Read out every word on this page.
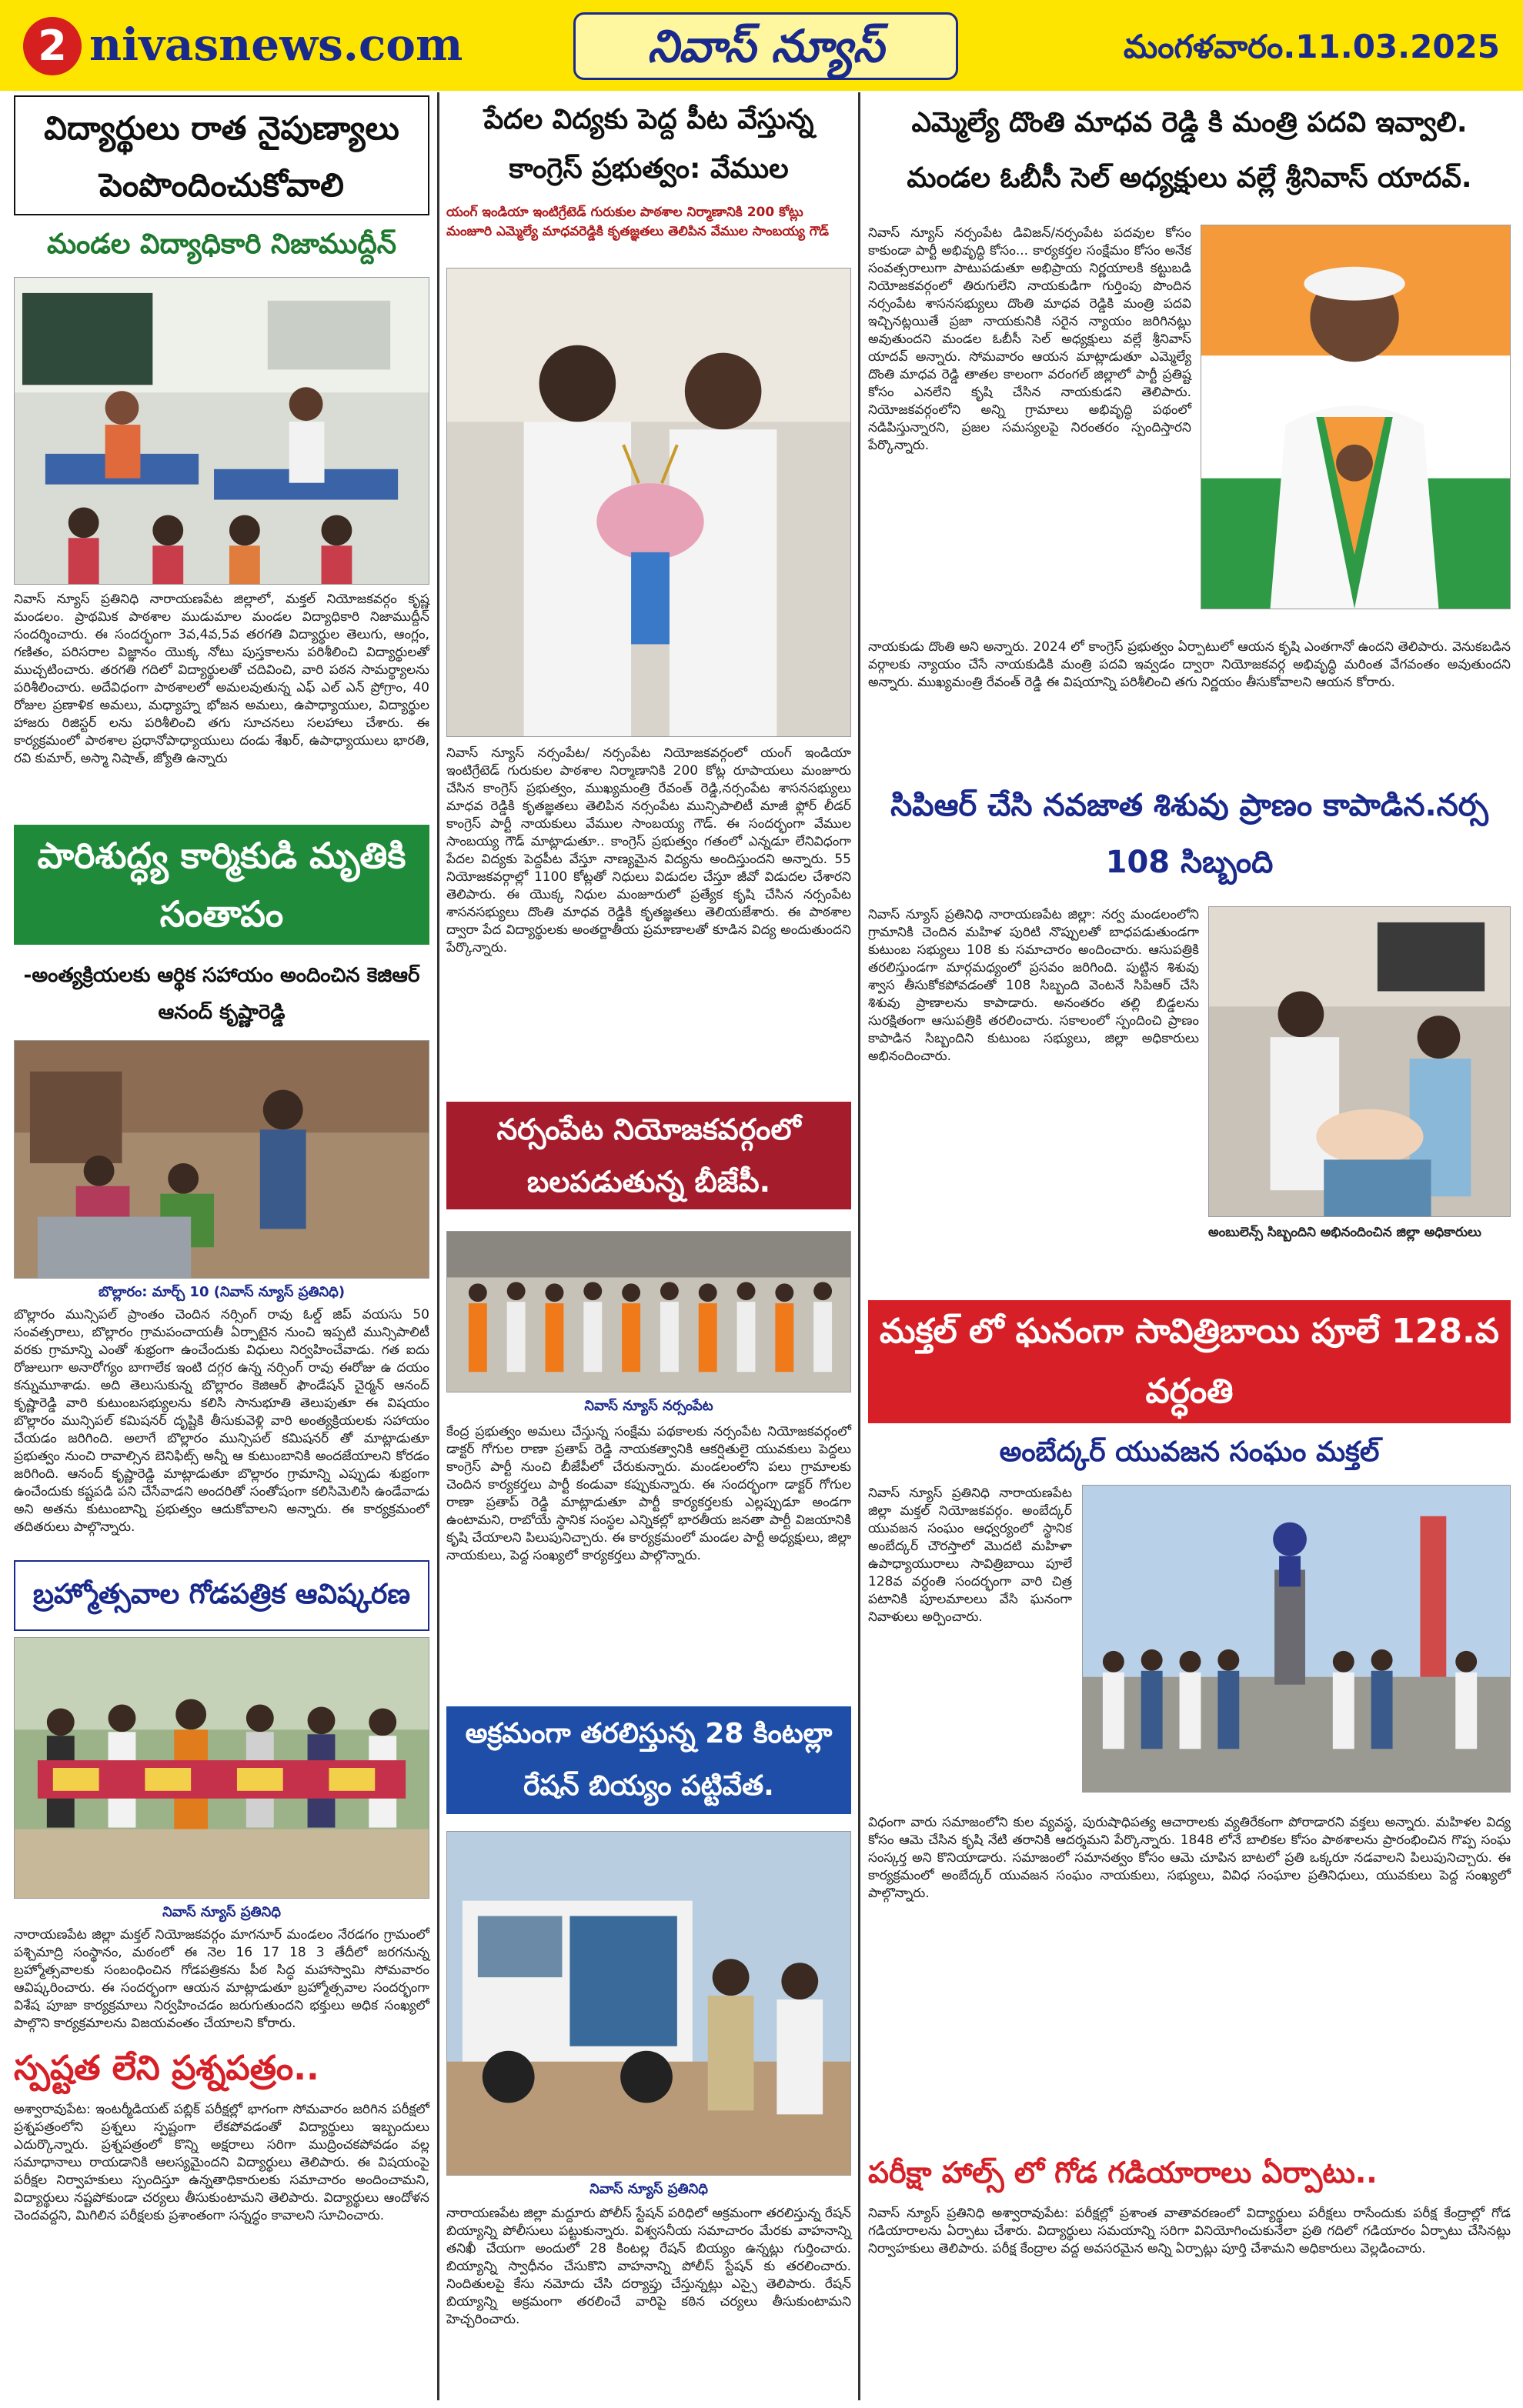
2 nivasnews.com	నివాస్ న్యూస్	మంగళవారం.11.03.2025
విద్యార్థులు రాత నైపుణ్యాలు పెంపొందించుకోవాలి
మండల విద్యాధికారి నిజాముద్దీన్
నివాస్ న్యూస్ ప్రతినిధి నారాయణపేట జిల్లాలో, మక్తల్ నియోజకవర్గం కృష్ణ మండలం. ప్రాథమిక పాఠశాల ముడుమాల మండల విద్యాధికారి నిజాముద్దీన్ సందర్శించారు. ఈ సందర్భంగా 3వ,4వ,5వ తరగతి విద్యార్థుల తెలుగు, ఆంగ్లం, గణితం, పరిసరాల విజ్ఞానం యొక్క నోటు పుస్తకాలను పరిశీలించి విద్యార్థులతో ముచ్చటించారు. తరగతి గదిలో విద్యార్థులతో చదివించి, వారి పఠన సామర్థ్యాలను పరిశీలించారు. అదేవిధంగా పాఠశాలలో అమలవుతున్న ఎఫ్ ఎల్ ఎన్ ప్రోగ్రాం, 40 రోజుల ప్రణాళిక అమలు, మధ్యాహ్న భోజన అమలు, ఉపాధ్యాయుల, విద్యార్థుల హాజరు రిజిస్టర్ లను పరిశీలించి తగు సూచనలు సలహాలు చేశారు. ఈ కార్యక్రమంలో పాఠశాల ప్రధానోపాధ్యాయులు దండు శేఖర్, ఉపాధ్యాయులు భారతి, రవి కుమార్, అస్మా నిషాత్, జ్యోతి ఉన్నారు
పారిశుద్ధ్య కార్మికుడి మృతికి సంతాపం
-అంత్యక్రియలకు ఆర్థిక సహాయం అందించిన కెజిఆర్ ఆనంద్ కృష్ణారెడ్డి
బొల్లారం: మార్చ్ 10 (నివాస్ న్యూస్ ప్రతినిధి)
బొల్లారం మున్సిపల్ ప్రాంతం చెందిన నర్సింగ్ రావు ఓల్డ్ జిప్ వయసు 50 సంవత్సరాలు, బొల్లారం గ్రామపంచాయతీ ఏర్పాటైన నుంచి ఇప్పటి మున్సిపాలిటీ వరకు గ్రామాన్ని ఎంతో శుభ్రంగా ఉంచేందుకు విధులు నిర్వహించేవాడు. గత ఐదు రోజులుగా అనారోగ్యం బాగాలేక ఇంటి దగ్గర ఉన్న నర్సింగ్ రావు ఈరోజు ఉ దయం కన్నుమూశాడు. అది తెలుసుకున్న బొల్లారం కెజిఆర్ ఫౌండేషన్ చైర్మన్ ఆనంద్ కృష్ణారెడ్డి వారి కుటుంబసభ్యులను కలిసి సానుభూతి తెలుపుతూ ఈ విషయం బొల్లారం మున్సిపల్ కమిషనర్ దృష్టికి తీసుకువెళ్లి వారి అంత్యక్రియలకు సహాయం చేయడం జరిగింది. అలాగే బొల్లారం మున్సిపల్ కమిషనర్ తో మాట్లాడుతూ ప్రభుత్వం నుంచి రావాల్సిన బెనిఫిట్స్ అన్నీ ఆ కుటుంబానికి అందజేయాలని కోరడం జరిగింది. ఆనంద్ కృష్ణారెడ్డి మాట్లాడుతూ బొల్లారం గ్రామాన్ని ఎప్పుడు శుభ్రంగా ఉంచేందుకు కష్టపడి పని చేసేవాడని అందరితో సంతోషంగా కలిసిమెలిసి ఉండేవాడు అని అతను కుటుంబాన్ని ప్రభుత్వం ఆదుకోవాలని అన్నారు. ఈ కార్యక్రమంలో తదితరులు పాల్గొన్నారు.
బ్రహ్మోత్సవాల గోడపత్రిక ఆవిష్కరణ
నివాస్ న్యూస్ ప్రతినిధి
నారాయణపేట జిల్లా మక్తల్ నియోజకవర్గం మాగనూర్ మండలం నేరడగం గ్రామంలో పశ్చిమాద్రి సంస్థానం, మఠంలో ఈ నెల 16 17 18 3 తేదీలో జరగనున్న బ్రహ్మోత్సవాలకు సంబంధించిన గోడపత్రికను పీఠ సిద్ధ మహాస్వామి సోమవారం ఆవిష్కరించారు. ఈ సందర్భంగా ఆయన మాట్లాడుతూ బ్రహ్మోత్సవాల సందర్భంగా విశేష పూజా కార్యక్రమాలు నిర్వహించడం జరుగుతుందని భక్తులు అధిక సంఖ్యలో పాల్గొని కార్యక్రమాలను విజయవంతం చేయాలని కోరారు.
స్పష్టత లేని ప్రశ్నపత్రం..
అశ్వారావుపేట: ఇంటర్మీడియట్ పబ్లిక్ పరీక్షల్లో భాగంగా సోమవారం జరిగిన పరీక్షలో ప్రశ్నపత్రంలోని ప్రశ్నలు స్పష్టంగా లేకపోవడంతో విద్యార్థులు ఇబ్బందులు ఎదుర్కొన్నారు. ప్రశ్నపత్రంలో కొన్ని అక్షరాలు సరిగా ముద్రించకపోవడం వల్ల సమాధానాలు రాయడానికి ఆలస్యమైందని విద్యార్థులు తెలిపారు. ఈ విషయంపై పరీక్షల నిర్వాహకులు స్పందిస్తూ ఉన్నతాధికారులకు సమాచారం అందించామని, విద్యార్థులు నష్టపోకుండా చర్యలు తీసుకుంటామని తెలిపారు. విద్యార్థులు ఆందోళన చెందవద్దని, మిగిలిన పరీక్షలకు ప్రశాంతంగా సన్నద్ధం కావాలని సూచించారు.
పేదల విద్యకు పెద్ద పీట వేస్తున్న కాంగ్రెస్ ప్రభుత్వం: వేముల
యంగ్ ఇండియా ఇంటిగ్రేటెడ్ గురుకుల పాఠశాల నిర్మాణానికి 200 కోట్లు మంజూరి ఎమ్మెల్యే మాధవరెడ్డికి కృతజ్ఞతలు తెలిపిన వేముల సాంబయ్య గౌడ్
నివాస్ న్యూస్ నర్సంపేట/ నర్సంపేట నియోజకవర్గంలో యంగ్ ఇండియా ఇంటిగ్రేటెడ్ గురుకుల పాఠశాల నిర్మాణానికి 200 కోట్ల రూపాయలు మంజూరు చేసిన కాంగ్రెస్ ప్రభుత్వం, ముఖ్యమంత్రి రేవంత్ రెడ్డి,నర్సంపేట శాసనసభ్యులు మాధవ రెడ్డికి కృతజ్ఞతలు తెలిపిన నర్సంపేట మున్సిపాలిటీ మాజీ ఫ్లోర్ లీడర్ కాంగ్రెస్ పార్టీ నాయకులు వేముల సాంబయ్య గౌడ్. ఈ సందర్భంగా వేముల సాంబయ్య గౌడ్ మాట్లాడుతూ.. కాంగ్రెస్ ప్రభుత్వం గతంలో ఎన్నడూ లేనివిధంగా పేదల విద్యకు పెద్దపీట వేస్తూ నాణ్యమైన విద్యను అందిస్తుందని అన్నారు. 55 నియోజకవర్గాల్లో 1100 కోట్లతో నిధులు విడుదల చేస్తూ జీవో విడుదల చేశారని తెలిపారు. ఈ యొక్క నిధుల మంజూరులో ప్రత్యేక కృషి చేసిన నర్సంపేట శాసనసభ్యులు దొంతి మాధవ రెడ్డికి కృతజ్ఞతలు తెలియజేశారు. ఈ పాఠశాల ద్వారా పేద విద్యార్థులకు అంతర్జాతీయ ప్రమాణాలతో కూడిన విద్య అందుతుందని పేర్కొన్నారు.
నర్సంపేట నియోజకవర్గంలో బలపడుతున్న బీజేపీ.
నివాస్ న్యూస్ నర్సంపేట
కేంద్ర ప్రభుత్వం అమలు చేస్తున్న సంక్షేమ పథకాలకు నర్సంపేట నియోజకవర్గంలో డాక్టర్ గోగుల రాణా ప్రతాప్ రెడ్డి నాయకత్వానికి ఆకర్షితులై యువకులు పెద్దలు కాంగ్రెస్ పార్టీ నుంచి బీజేపీలో చేరుకున్నారు. మండలంలోని పలు గ్రామాలకు చెందిన కార్యకర్తలు పార్టీ కండువా కప్పుకున్నారు. ఈ సందర్భంగా డాక్టర్ గోగుల రాణా ప్రతాప్ రెడ్డి మాట్లాడుతూ పార్టీ కార్యకర్తలకు ఎల్లప్పుడూ అండగా ఉంటామని, రాబోయే స్థానిక సంస్థల ఎన్నికల్లో భారతీయ జనతా పార్టీ విజయానికి కృషి చేయాలని పిలుపునిచ్చారు. ఈ కార్యక్రమంలో మండల పార్టీ అధ్యక్షులు, జిల్లా నాయకులు, పెద్ద సంఖ్యలో కార్యకర్తలు పాల్గొన్నారు.
అక్రమంగా తరలిస్తున్న 28 కింటల్లా రేషన్ బియ్యం పట్టివేత.
నివాస్ న్యూస్ ప్రతినిధి
నారాయణపేట జిల్లా మద్దూరు పోలీస్ స్టేషన్ పరిధిలో అక్రమంగా తరలిస్తున్న రేషన్ బియ్యాన్ని పోలీసులు పట్టుకున్నారు. విశ్వసనీయ సమాచారం మేరకు వాహనాన్ని తనిఖీ చేయగా అందులో 28 కింటల్ల రేషన్ బియ్యం ఉన్నట్లు గుర్తించారు. బియ్యాన్ని స్వాధీనం చేసుకొని వాహనాన్ని పోలీస్ స్టేషన్ కు తరలించారు. నిందితులపై కేసు నమోదు చేసి దర్యాప్తు చేస్తున్నట్లు ఎస్సై తెలిపారు. రేషన్ బియ్యాన్ని అక్రమంగా తరలించే వారిపై కఠిన చర్యలు తీసుకుంటామని హెచ్చరించారు.
ఎమ్మెల్యే దొంతి మాధవ రెడ్డి కి మంత్రి పదవి ఇవ్వాలి. మండల ఓబీసీ సెల్ అధ్యక్షులు వల్లే శ్రీనివాస్ యాదవ్.
నివాస్ న్యూస్ నర్సంపేట డివిజన్/నర్సంపేట పదవుల కోసం కాకుండా పార్టీ అభివృద్ధి కోసం... కార్యకర్తల సంక్షేమం కోసం అనేక సంవత్సరాలుగా పాటుపడుతూ అభిప్రాయ నిర్ణయాలకి కట్టుబడి నియోజకవర్గంలో తిరుగులేని నాయకుడిగా గుర్తింపు పొందిన నర్సంపేట శాసనసభ్యులు దొంతి మాధవ రెడ్డికి మంత్రి పదవి ఇచ్చినట్లయితే ప్రజా నాయకునికి సరైన న్యాయం జరిగినట్లు అవుతుందని మండల ఓబీసీ సెల్ అధ్యక్షులు వల్లే శ్రీనివాస్ యాదవ్ అన్నారు. సోమవారం ఆయన మాట్లాడుతూ ఎమ్మెల్యే దొంతి మాధవ రెడ్డి తాతల కాలంగా వరంగల్ జిల్లాలో పార్టీ ప్రతిష్ట కోసం ఎనలేని కృషి చేసిన నాయకుడని తెలిపారు. నియోజకవర్గంలోని అన్ని గ్రామాలు అభివృద్ధి పథంలో నడిపిస్తున్నారని, ప్రజల సమస్యలపై నిరంతరం స్పందిస్తారని పేర్కొన్నారు.
నాయకుడు దొంతి అని అన్నారు. 2024 లో కాంగ్రెస్ ప్రభుత్వం ఏర్పాటులో ఆయన కృషి ఎంతగానో ఉందని తెలిపారు. వెనుకబడిన వర్గాలకు న్యాయం చేసే నాయకుడికి మంత్రి పదవి ఇవ్వడం ద్వారా నియోజకవర్గ అభివృద్ధి మరింత వేగవంతం అవుతుందని అన్నారు. ముఖ్యమంత్రి రేవంత్ రెడ్డి ఈ విషయాన్ని పరిశీలించి తగు నిర్ణయం తీసుకోవాలని ఆయన కోరారు.
సిపిఆర్ చేసి నవజాత శిశువు ప్రాణం కాపాడిన.నర్స 108 సిబ్బంది
నివాస్ న్యూస్ ప్రతినిధి నారాయణపేట జిల్లా: నర్వ మండలంలోని గ్రామానికి చెందిన మహిళ పురిటి నొప్పులతో బాధపడుతుండగా కుటుంబ సభ్యులు 108 కు సమాచారం అందించారు. ఆసుపత్రికి తరలిస్తుండగా మార్గమధ్యంలో ప్రసవం జరిగింది. పుట్టిన శిశువు శ్వాస తీసుకోకపోవడంతో 108 సిబ్బంది వెంటనే సిపిఆర్ చేసి శిశువు ప్రాణాలను కాపాడారు. అనంతరం తల్లి బిడ్డలను సురక్షితంగా ఆసుపత్రికి తరలించారు. సకాలంలో స్పందించి ప్రాణం కాపాడిన సిబ్బందిని కుటుంబ సభ్యులు, జిల్లా అధికారులు అభినందించారు.
అంబులెన్స్ సిబ్బందిని అభినందించిన జిల్లా అధికారులు
మక్తల్ లో ఘనంగా సావిత్రిబాయి పూలే 128.వ వర్ధంతి
అంబేద్కర్ యువజన సంఘం మక్తల్
నివాస్ న్యూస్ ప్రతినిధి నారాయణపేట జిల్లా మక్తల్ నియోజకవర్గం. అంబేద్కర్ యువజన సంఘం ఆధ్వర్యంలో స్థానిక అంబేద్కర్ చౌరస్తాలో మొదటి మహిళా ఉపాధ్యాయురాలు సావిత్రిబాయి పూలే 128వ వర్ధంతి సందర్భంగా వారి చిత్ర పటానికి పూలమాలలు వేసి ఘనంగా నివాళులు అర్పించారు.
విధంగా వారు సమాజంలోని కుల వ్యవస్థ, పురుషాధిపత్య ఆచారాలకు వ్యతిరేకంగా పోరాడారని వక్తలు అన్నారు. మహిళల విద్య కోసం ఆమె చేసిన కృషి నేటి తరానికి ఆదర్శమని పేర్కొన్నారు. 1848 లోనే బాలికల కోసం పాఠశాలను ప్రారంభించిన గొప్ప సంఘ సంస్కర్త అని కొనియాడారు. సమాజంలో సమానత్వం కోసం ఆమె చూపిన బాటలో ప్రతి ఒక్కరూ నడవాలని పిలుపునిచ్చారు. ఈ కార్యక్రమంలో అంబేద్కర్ యువజన సంఘం నాయకులు, సభ్యులు, వివిధ సంఘాల ప్రతినిధులు, యువకులు పెద్ద సంఖ్యలో పాల్గొన్నారు.
పరీక్షా హాల్స్ లో గోడ గడియారాలు ఏర్పాటు..
నివాస్ న్యూస్ ప్రతినిధి అశ్వారావుపేట: పరీక్షల్లో ప్రశాంత వాతావరణంలో విద్యార్థులు పరీక్షలు రాసేందుకు పరీక్ష కేంద్రాల్లో గోడ గడియారాలను ఏర్పాటు చేశారు. విద్యార్థులు సమయాన్ని సరిగా వినియోగించుకునేలా ప్రతి గదిలో గడియారం ఏర్పాటు చేసినట్లు నిర్వాహకులు తెలిపారు. పరీక్ష కేంద్రాల వద్ద అవసరమైన అన్ని ఏర్పాట్లు పూర్తి చేశామని అధికారులు వెల్లడించారు.
